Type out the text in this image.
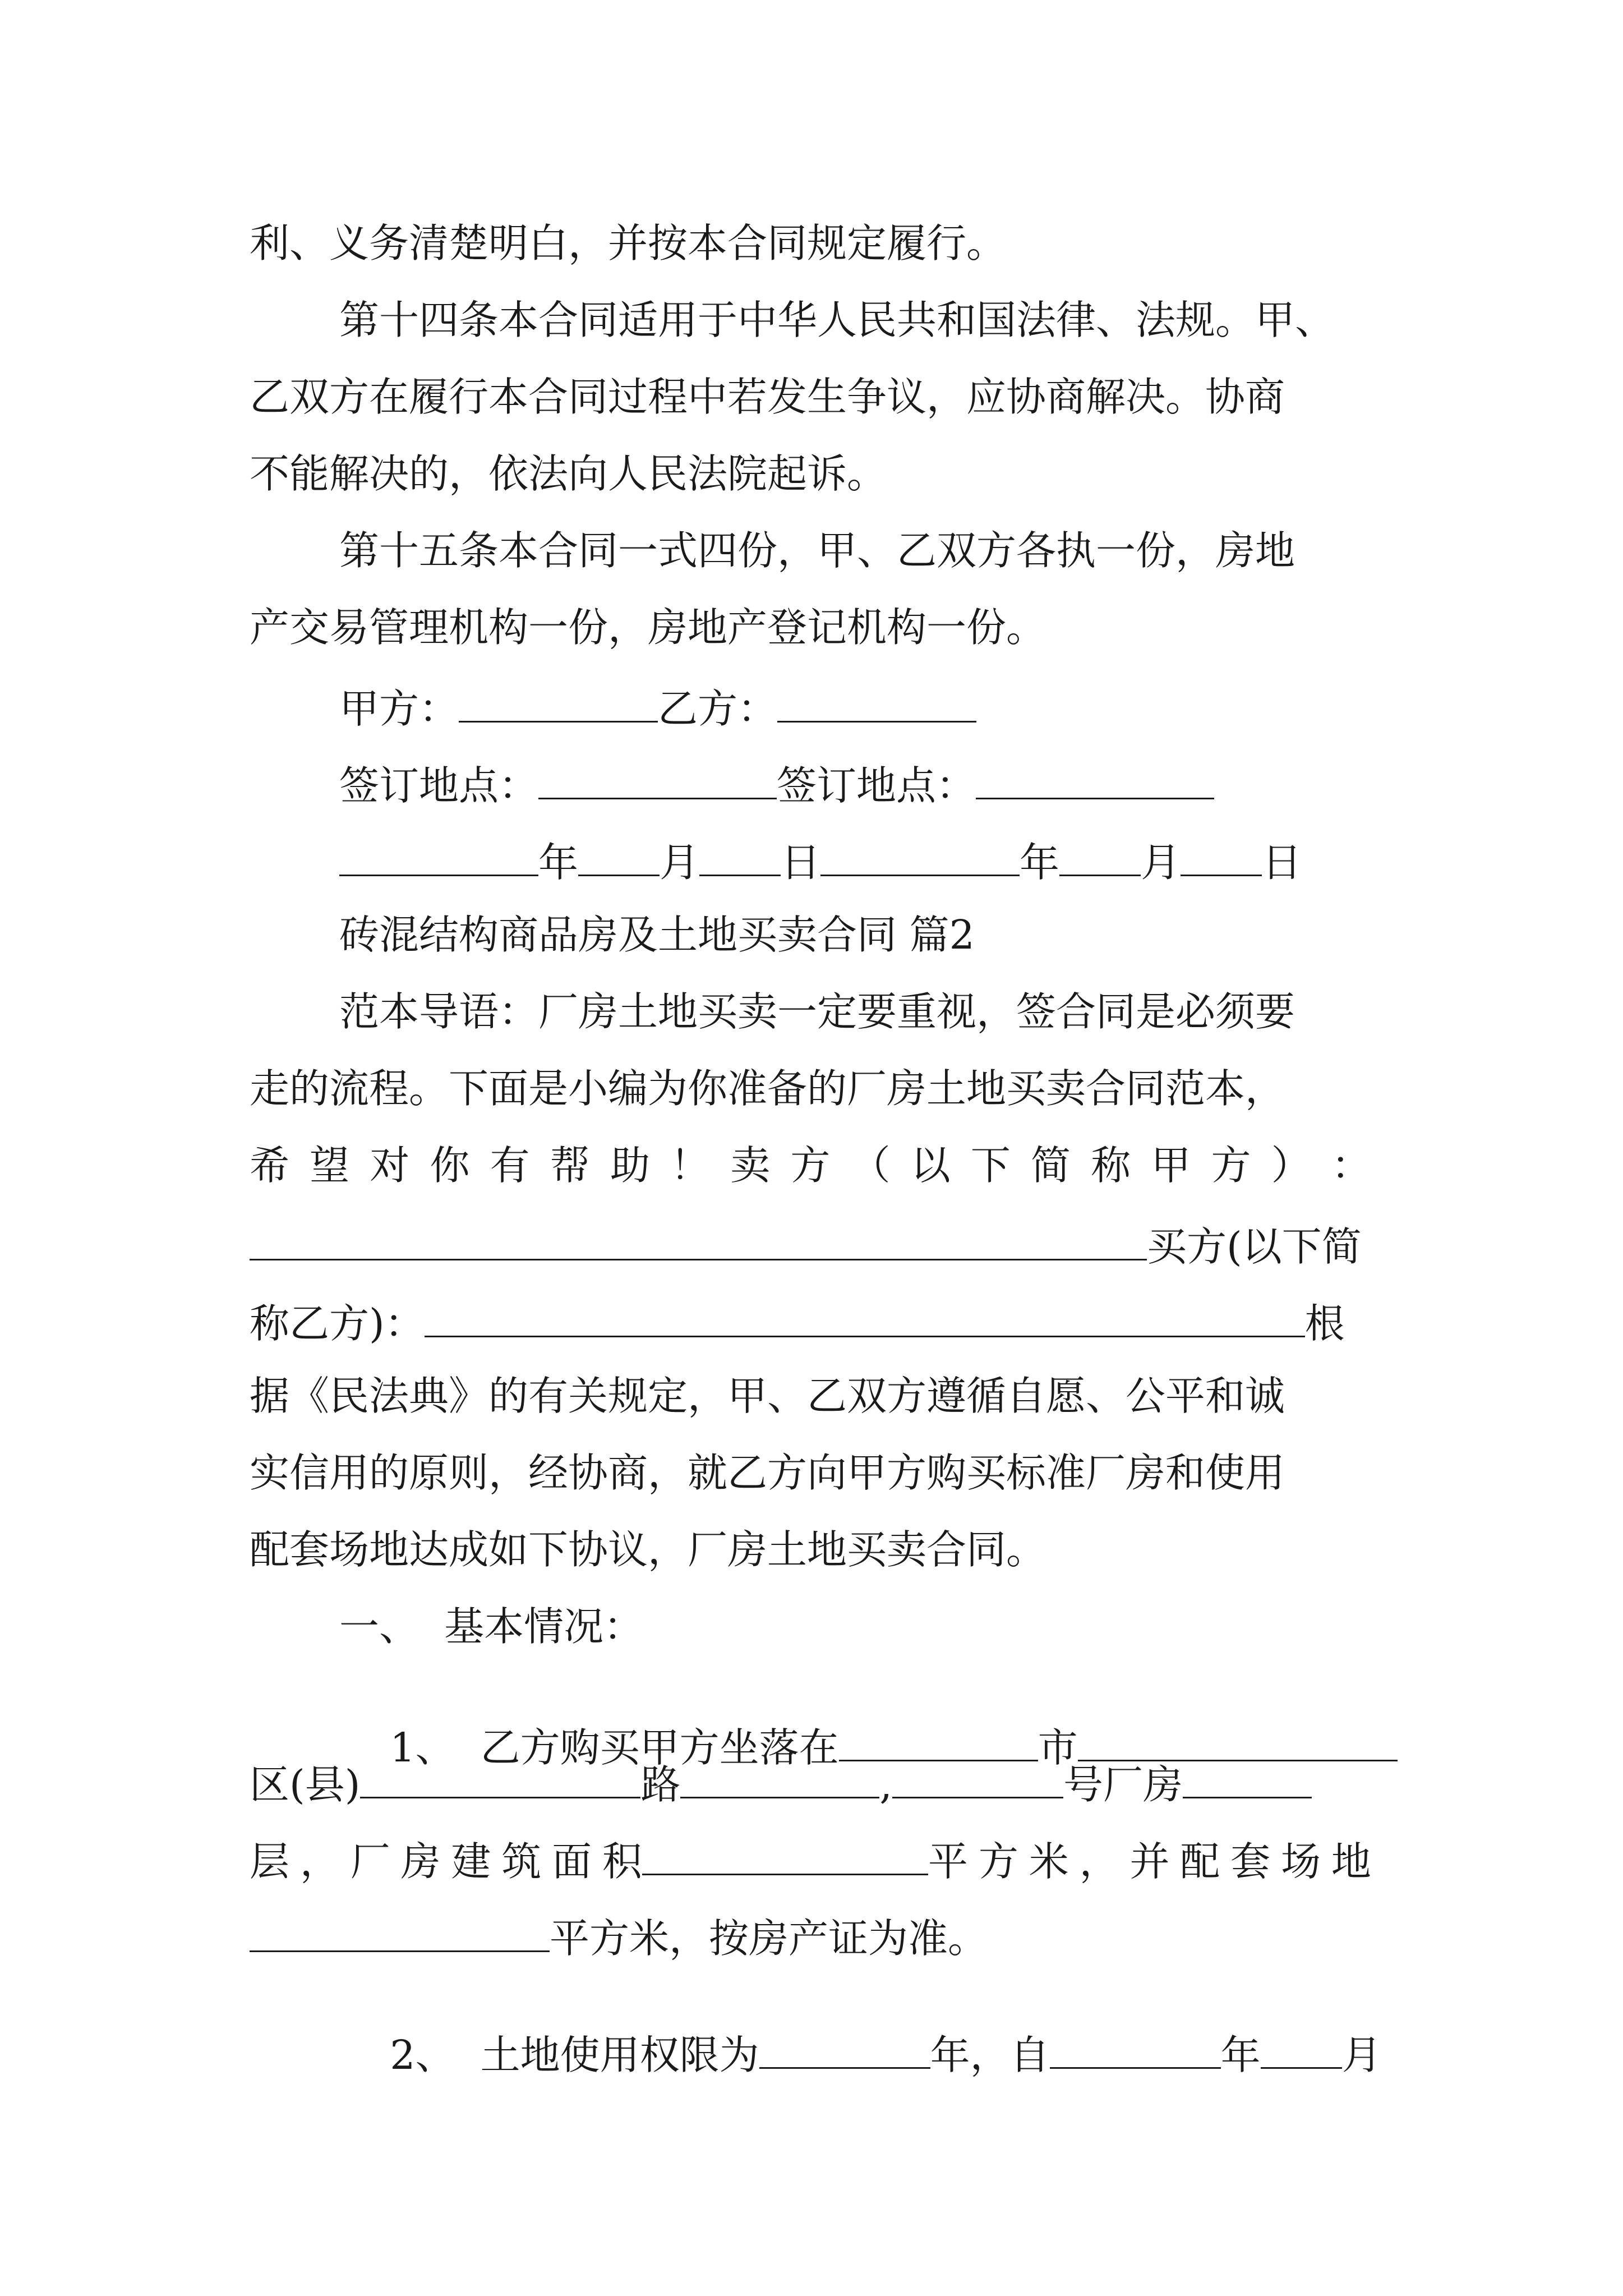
利、义务清楚明白，并按本合同规定履行。
第十四条本合同适用于中华人民共和国法律、法规。甲、
乙双方在履行本合同过程中若发生争议，应协商解决。协商
不能解决的，依法向人民法院起诉。
第十五条本合同一式四份，甲、乙双方各执一份，房地
产交易管理机构一份，房地产登记机构一份。
甲方：	乙方：
签订地点：	签订地点：
年 月 日	年 月 日
砖混结构商品房及土地买卖合同 篇2
范本导语：厂房土地买卖一定要重视，签合同是必须要
走的流程。下面是小编为你准备的厂房土地买卖合同范本，
希 望 对 你 有 帮 助 ！ 卖 方 （ 以 下 简 称 甲 方 ） ：
买方(以下简
称乙方)：	根
据《民法典》的有关规定，甲、乙双方遵循自愿、公平和诚
实信用的原则，经协商，就乙方向甲方购买标准厂房和使用
配套场地达成如下协议，厂房土地买卖合同。
一、  基本情况：

1、  乙方购买甲方坐落在	市

区(县)	路	,	号厂房
层 ， 厂 房 建 筑 面 积	平 方 米 ， 并 配 套 场 地
平方米，按房产证为准。

2、  土地使用权限为	年，自	年 月
